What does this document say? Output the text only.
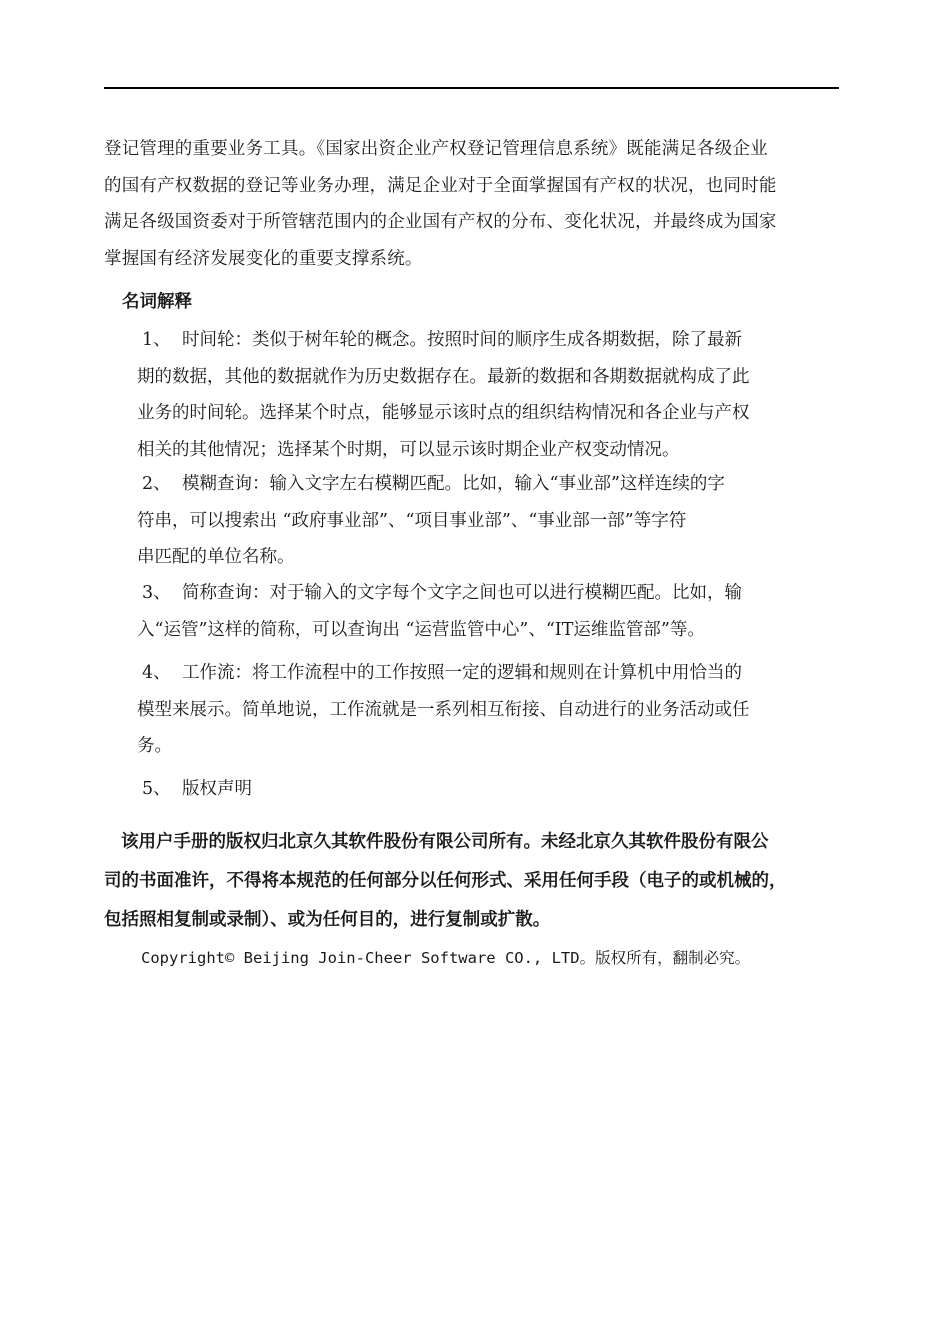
登记管理的重要业务工具。《国家出资企业产权登记管理信息系统》既能满足各级企业
的国有产权数据的登记等业务办理，满足企业对于全面掌握国有产权的状况，也同时能
满足各级国资委对于所管辖范围内的企业国有产权的分布、变化状况，并最终成为国家
掌握国有经济发展变化的重要支撑系统。
名词解释
1、 时间轮：类似于树年轮的概念。按照时间的顺序生成各期数据，除了最新
期的数据，其他的数据就作为历史数据存在。最新的数据和各期数据就构成了此
业务的时间轮。选择某个时点，能够显示该时点的组织结构情况和各企业与产权
相关的其他情况；选择某个时期，可以显示该时期企业产权变动情况。
2、 模糊查询：输入文字左右模糊匹配。比如，输入“事业部”这样连续的字
符串，可以搜索出 “政府事业部”、“项目事业部”、“事业部一部”等字符
串匹配的单位名称。
3、 简称查询：对于输入的文字每个文字之间也可以进行模糊匹配。比如，输
入“运管”这样的简称，可以查询出 “运营监管中心”、“IT运维监管部”等。
4、 工作流：将工作流程中的工作按照一定的逻辑和规则在计算机中用恰当的
模型来展示。简单地说，工作流就是一系列相互衔接、自动进行的业务活动或任
务。
5、 版权声明
该用户手册的版权归北京久其软件股份有限公司所有。未经北京久其软件股份有限公
司的书面准许，不得将本规范的任何部分以任何形式、采用任何手段（电子的或机械的，
包括照相复制或录制）、或为任何目的，进行复制或扩散。
Copyright© Beijing Join-Cheer Software CO., LTD。版权所有，翻制必究。
